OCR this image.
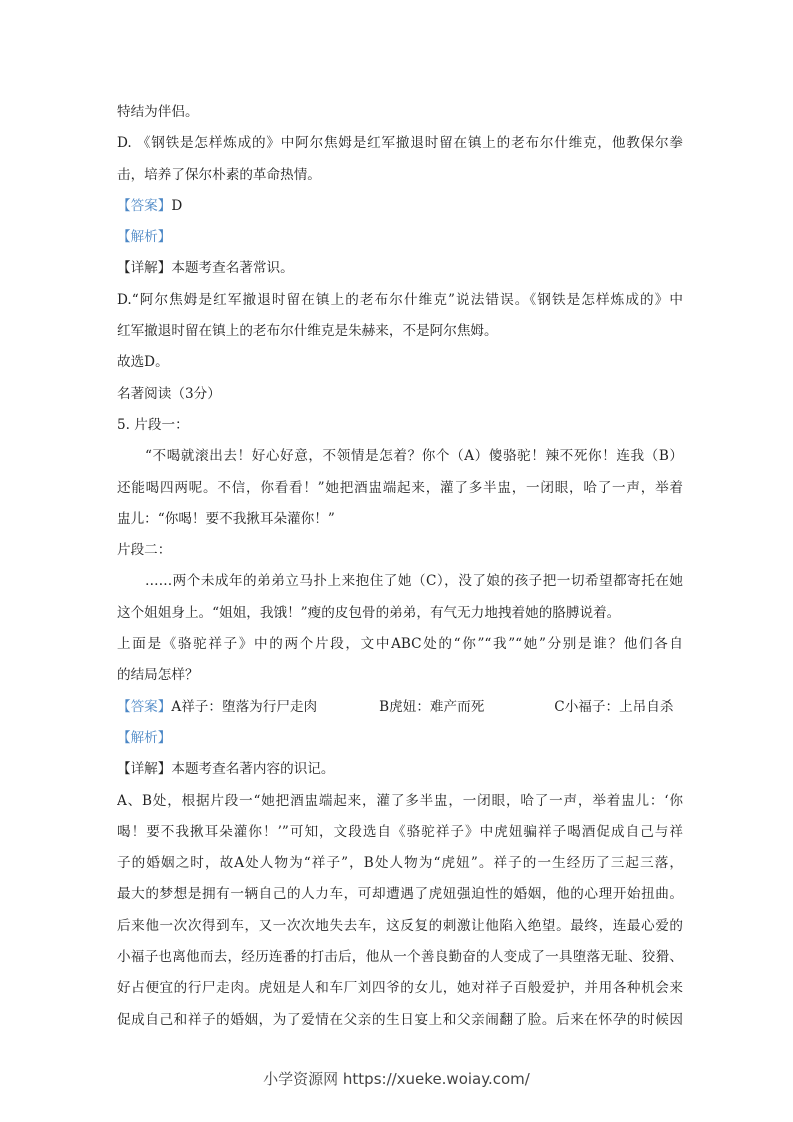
特结为伴侣。
D. 《钢铁是怎样炼成的》中阿尔焦姆是红军撤退时留在镇上的老布尔什维克，他教保尔拳
击，培养了保尔朴素的革命热情。
【答案】D
【解析】
【详解】本题考查名著常识。
D.“阿尔焦姆是红军撤退时留在镇上的老布尔什维克”说法错误。《钢铁是怎样炼成的》中
红军撤退时留在镇上的老布尔什维克是朱赫来，不是阿尔焦姆。
故选D。
名著阅读（3分）
5. 片段一：
“不喝就滚出去！好心好意，不领情是怎着？你个（A）傻骆驼！辣不死你！连我（B）
还能喝四两呢。不信，你看看！”她把酒盅端起来，灌了多半盅，一闭眼，哈了一声，举着
盅儿：“你喝！要不我揪耳朵灌你！”
片段二：
……两个未成年的弟弟立马扑上来抱住了她（C），没了娘的孩子把一切希望都寄托在她
这个姐姐身上。“姐姐，我饿！”瘦的皮包骨的弟弟，有气无力地拽着她的胳膊说着。
上面是《骆驼祥子》中的两个片段，文中ABC处的“你”“我”“她”分别是谁？他们各自
的结局怎样？
【答案】A祥子：堕落为行尸走肉	B虎妞：难产而死	C小福子：上吊自杀
【解析】
【详解】本题考查名著内容的识记。
A、B处，根据片段一“她把酒盅端起来，灌了多半盅，一闭眼，哈了一声，举着盅儿：‘你
喝！要不我揪耳朵灌你！’”可知，文段选自《骆驼祥子》中虎妞骗祥子喝酒促成自己与祥
子的婚姻之时，故A处人物为“祥子”，B处人物为“虎妞”。祥子的一生经历了三起三落，
最大的梦想是拥有一辆自己的人力车，可却遭遇了虎妞强迫性的婚姻，他的心理开始扭曲。
后来他一次次得到车，又一次次地失去车，这反复的刺激让他陷入绝望。最终，连最心爱的
小福子也离他而去，经历连番的打击后，他从一个善良勤奋的人变成了一具堕落无耻、狡猾、
好占便宜的行尸走肉。虎妞是人和车厂刘四爷的女儿，她对祥子百般爱护，并用各种机会来
促成自己和祥子的婚姻，为了爱情在父亲的生日宴上和父亲闹翻了脸。后来在怀孕的时候因
小学资源网 https://xueke.woiay.com/
